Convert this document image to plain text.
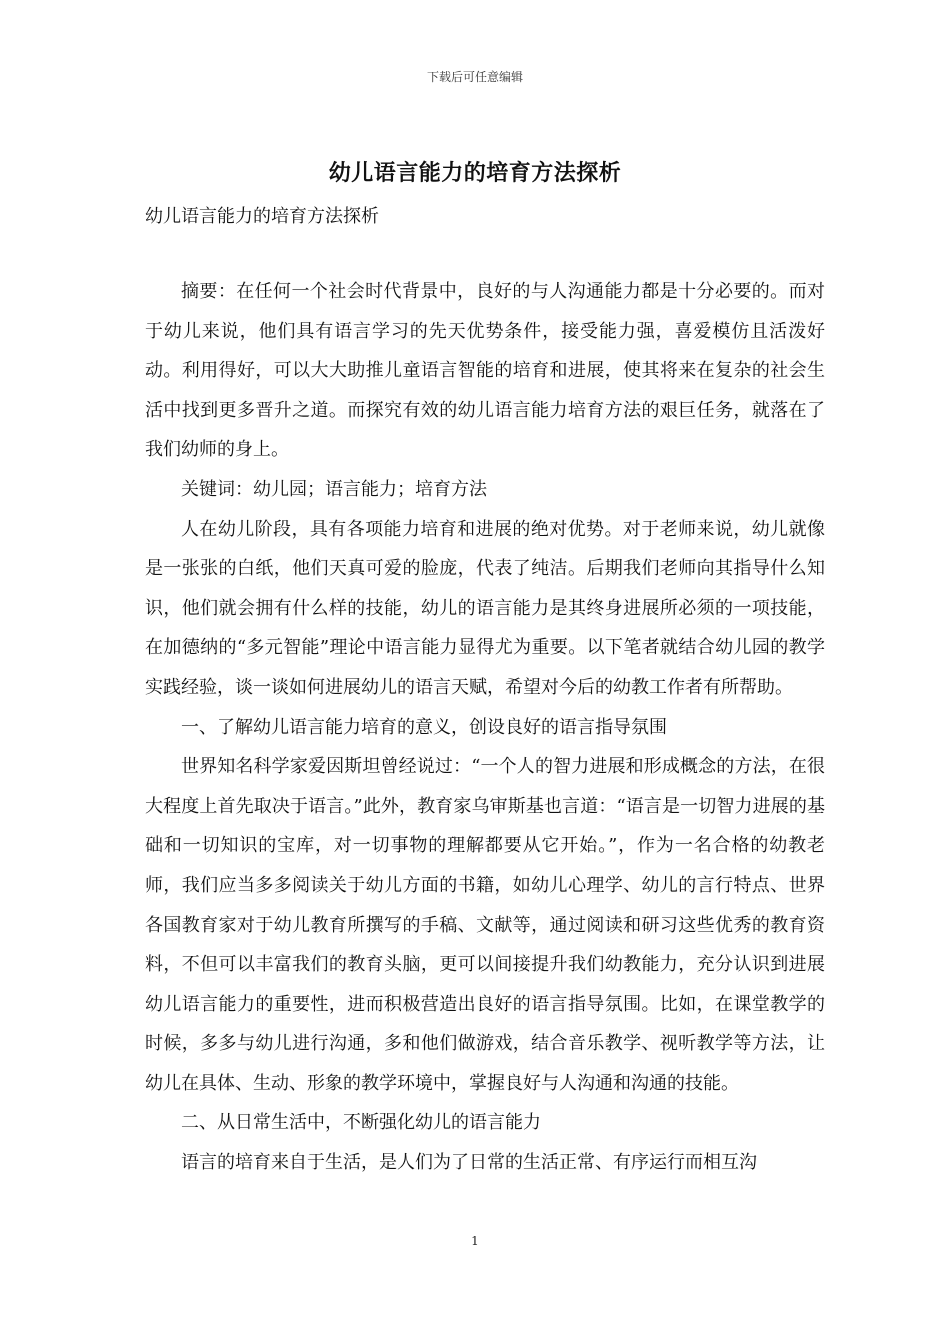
下载后可任意编辑
幼儿语言能力的培育方法探析
幼儿语言能力的培育方法探析

摘要：在任何一个社会时代背景中，良好的与人沟通能力都是十分必要的。而对于幼儿来说，他们具有语言学习的先天优势条件，接受能力强，喜爱模仿且活泼好动。利用得好，可以大大助推儿童语言智能的培育和进展，使其将来在复杂的社会生活中找到更多晋升之道。而探究有效的幼儿语言能力培育方法的艰巨任务，就落在了我们幼师的身上。

关键词：幼儿园；语言能力；培育方法

人在幼儿阶段，具有各项能力培育和进展的绝对优势。对于老师来说，幼儿就像是一张张的白纸，他们天真可爱的脸庞，代表了纯洁。后期我们老师向其指导什么知识，他们就会拥有什么样的技能，幼儿的语言能力是其终身进展所必须的一项技能，在加德纳的“多元智能”理论中语言能力显得尤为重要。以下笔者就结合幼儿园的教学实践经验，谈一谈如何进展幼儿的语言天赋，希望对今后的幼教工作者有所帮助。

一、了解幼儿语言能力培育的意义，创设良好的语言指导氛围

世界知名科学家爱因斯坦曾经说过：“一个人的智力进展和形成概念的方法，在很大程度上首先取决于语言。”此外，教育家乌审斯基也言道：“语言是一切智力进展的基础和一切知识的宝库，对一切事物的理解都要从它开始。”，作为一名合格的幼教老师，我们应当多多阅读关于幼儿方面的书籍，如幼儿心理学、幼儿的言行特点、世界各国教育家对于幼儿教育所撰写的手稿、文献等，通过阅读和研习这些优秀的教育资料，不但可以丰富我们的教育头脑，更可以间接提升我们幼教能力，充分认识到进展幼儿语言能力的重要性，进而积极营造出良好的语言指导氛围。比如，在课堂教学的时候，多多与幼儿进行沟通，多和他们做游戏，结合音乐教学、视听教学等方法，让幼儿在具体、生动、形象的教学环境中，掌握良好与人沟通和沟通的技能。

二、从日常生活中，不断强化幼儿的语言能力

语言的培育来自于生活，是人们为了日常的生活正常、有序运行而相互沟

1
